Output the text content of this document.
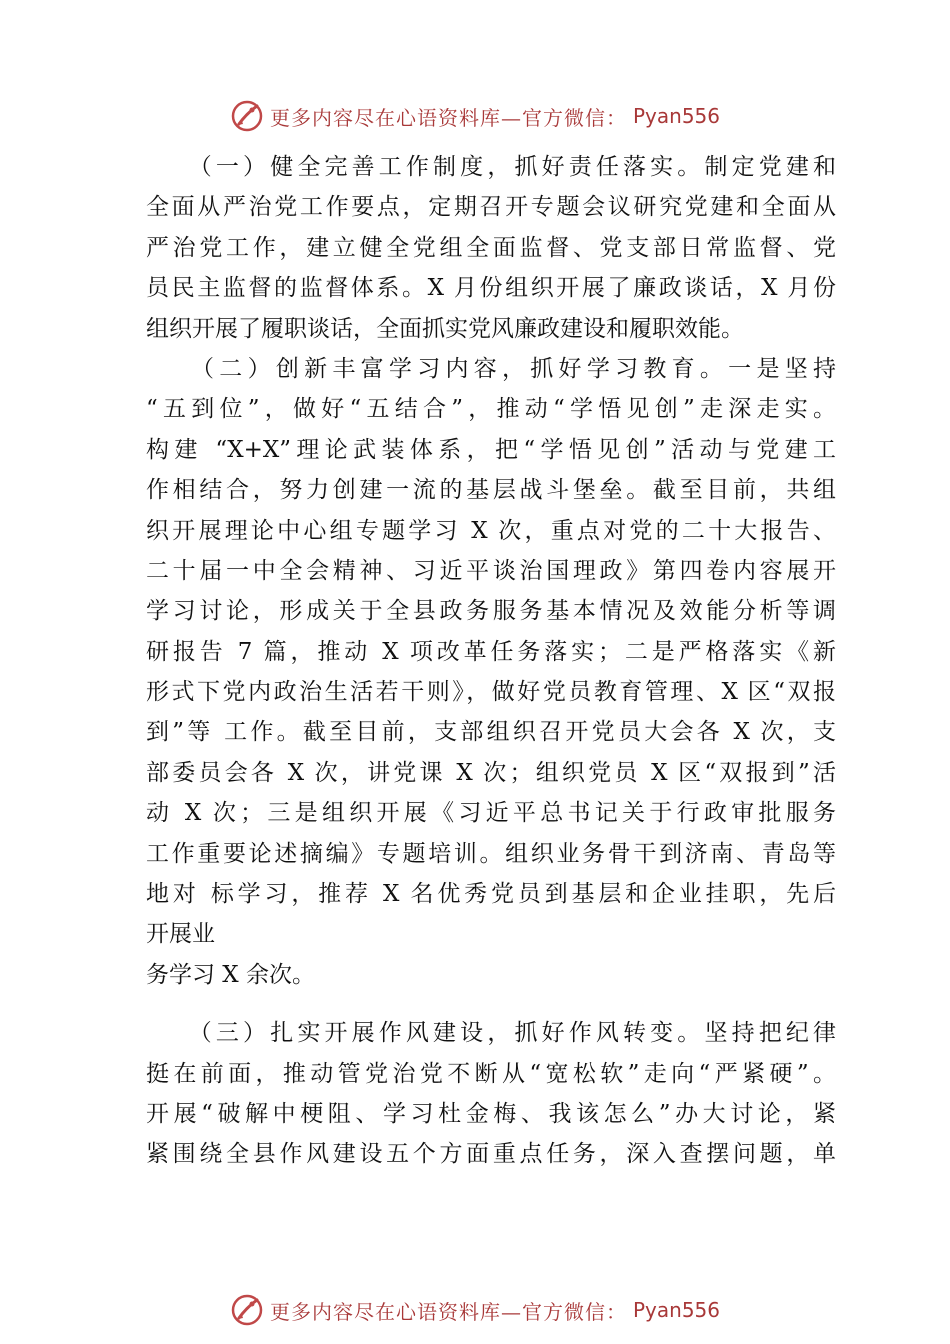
更多内容尽在心语资料库—官方微信： Pyan556
　　（一）健全完善工作制度，抓好责任落实。制定党建和
全面从严治党工作要点，定期召开专题会议研究党建和全面从
严治党工作，建立健全党组全面监督、党支部日常监督、党
员民主监督的监督体系。X 月份组织开展了廉政谈话，X 月份
组织开展了履职谈话，全面抓实党风廉政建设和履职效能。
　　（二）创新丰富学习内容，抓好学习教育。一是坚持
“五到位”，做好“五结合”，推动“学悟见创”走深走实。
构建 “X+X”理论武装体系，把“学悟见创”活动与党建工
作相结合，努力创建一流的基层战斗堡垒。截至目前，共组
织开展理论中心组专题学习 X 次，重点对党的二十大报告、
二十届一中全会精神、习近平谈治国理政》第四卷内容展开
学习讨论，形成关于全县政务服务基本情况及效能分析等调
研报告 7 篇，推动 X 项改革任务落实；二是严格落实《新
形式下党内政治生活若干则》，做好党员教育管理、X 区“双报
到”等 工作。截至目前，支部组织召开党员大会各 X 次，支
部委员会各 X 次，讲党课 X 次；组织党员 X 区“双报到”活
动 X 次；三是组织开展《习近平总书记关于行政审批服务
工作重要论述摘编》专题培训。组织业务骨干到济南、青岛等
地对 标学习，推荐 X 名优秀党员到基层和企业挂职，先后
开展业
务学习 X 余次。
　　（三）扎实开展作风建设，抓好作风转变。坚持把纪律
挺在前面，推动管党治党不断从“宽松软”走向“严紧硬”。
开展“破解中梗阻、学习杜金梅、我该怎么”办大讨论，紧
紧围绕全县作风建设五个方面重点任务，深入查摆问题，单
更多内容尽在心语资料库—官方微信： Pyan556
